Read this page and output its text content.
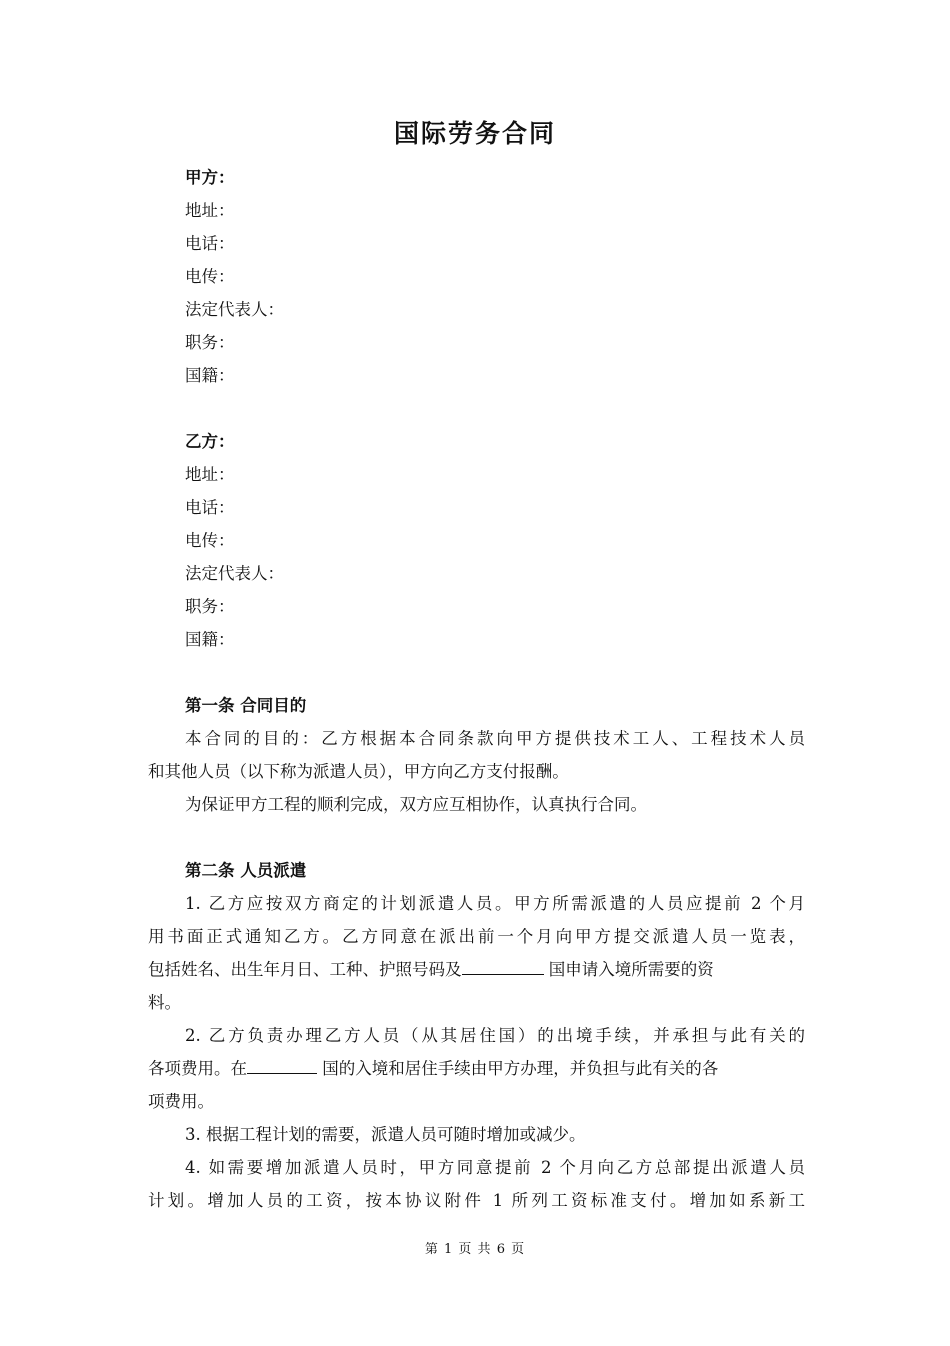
国际劳务合同
甲方：
地址：
电话：
电传：
法定代表人：
职务：
国籍：
乙方：
地址：
电话：
电传：
法定代表人：
职务：
国籍：
第一条 合同目的
本合同的目的：乙方根据本合同条款向甲方提供技术工人、工程技术人员
和其他人员（以下称为派遣人员），甲方向乙方支付报酬。
为保证甲方工程的顺利完成，双方应互相协作，认真执行合同。
第二条 人员派遣
1. 乙方应按双方商定的计划派遣人员。甲方所需派遣的人员应提前 2 个月
用书面正式通知乙方。乙方同意在派出前一个月向甲方提交派遣人员一览表，
包括姓名、出生年月日、工种、护照号码及	国申请入境所需要的资
料。
2. 乙方负责办理乙方人员（从其居住国）的出境手续，并承担与此有关的
各项费用。在	国的入境和居住手续由甲方办理，并负担与此有关的各
项费用。
3. 根据工程计划的需要，派遣人员可随时增加或减少。
4. 如需要增加派遣人员时，甲方同意提前 2 个月向乙方总部提出派遣人员
计划。增加人员的工资，按本协议附件 1 所列工资标准支付。增加如系新工
第 1 页 共 6 页
